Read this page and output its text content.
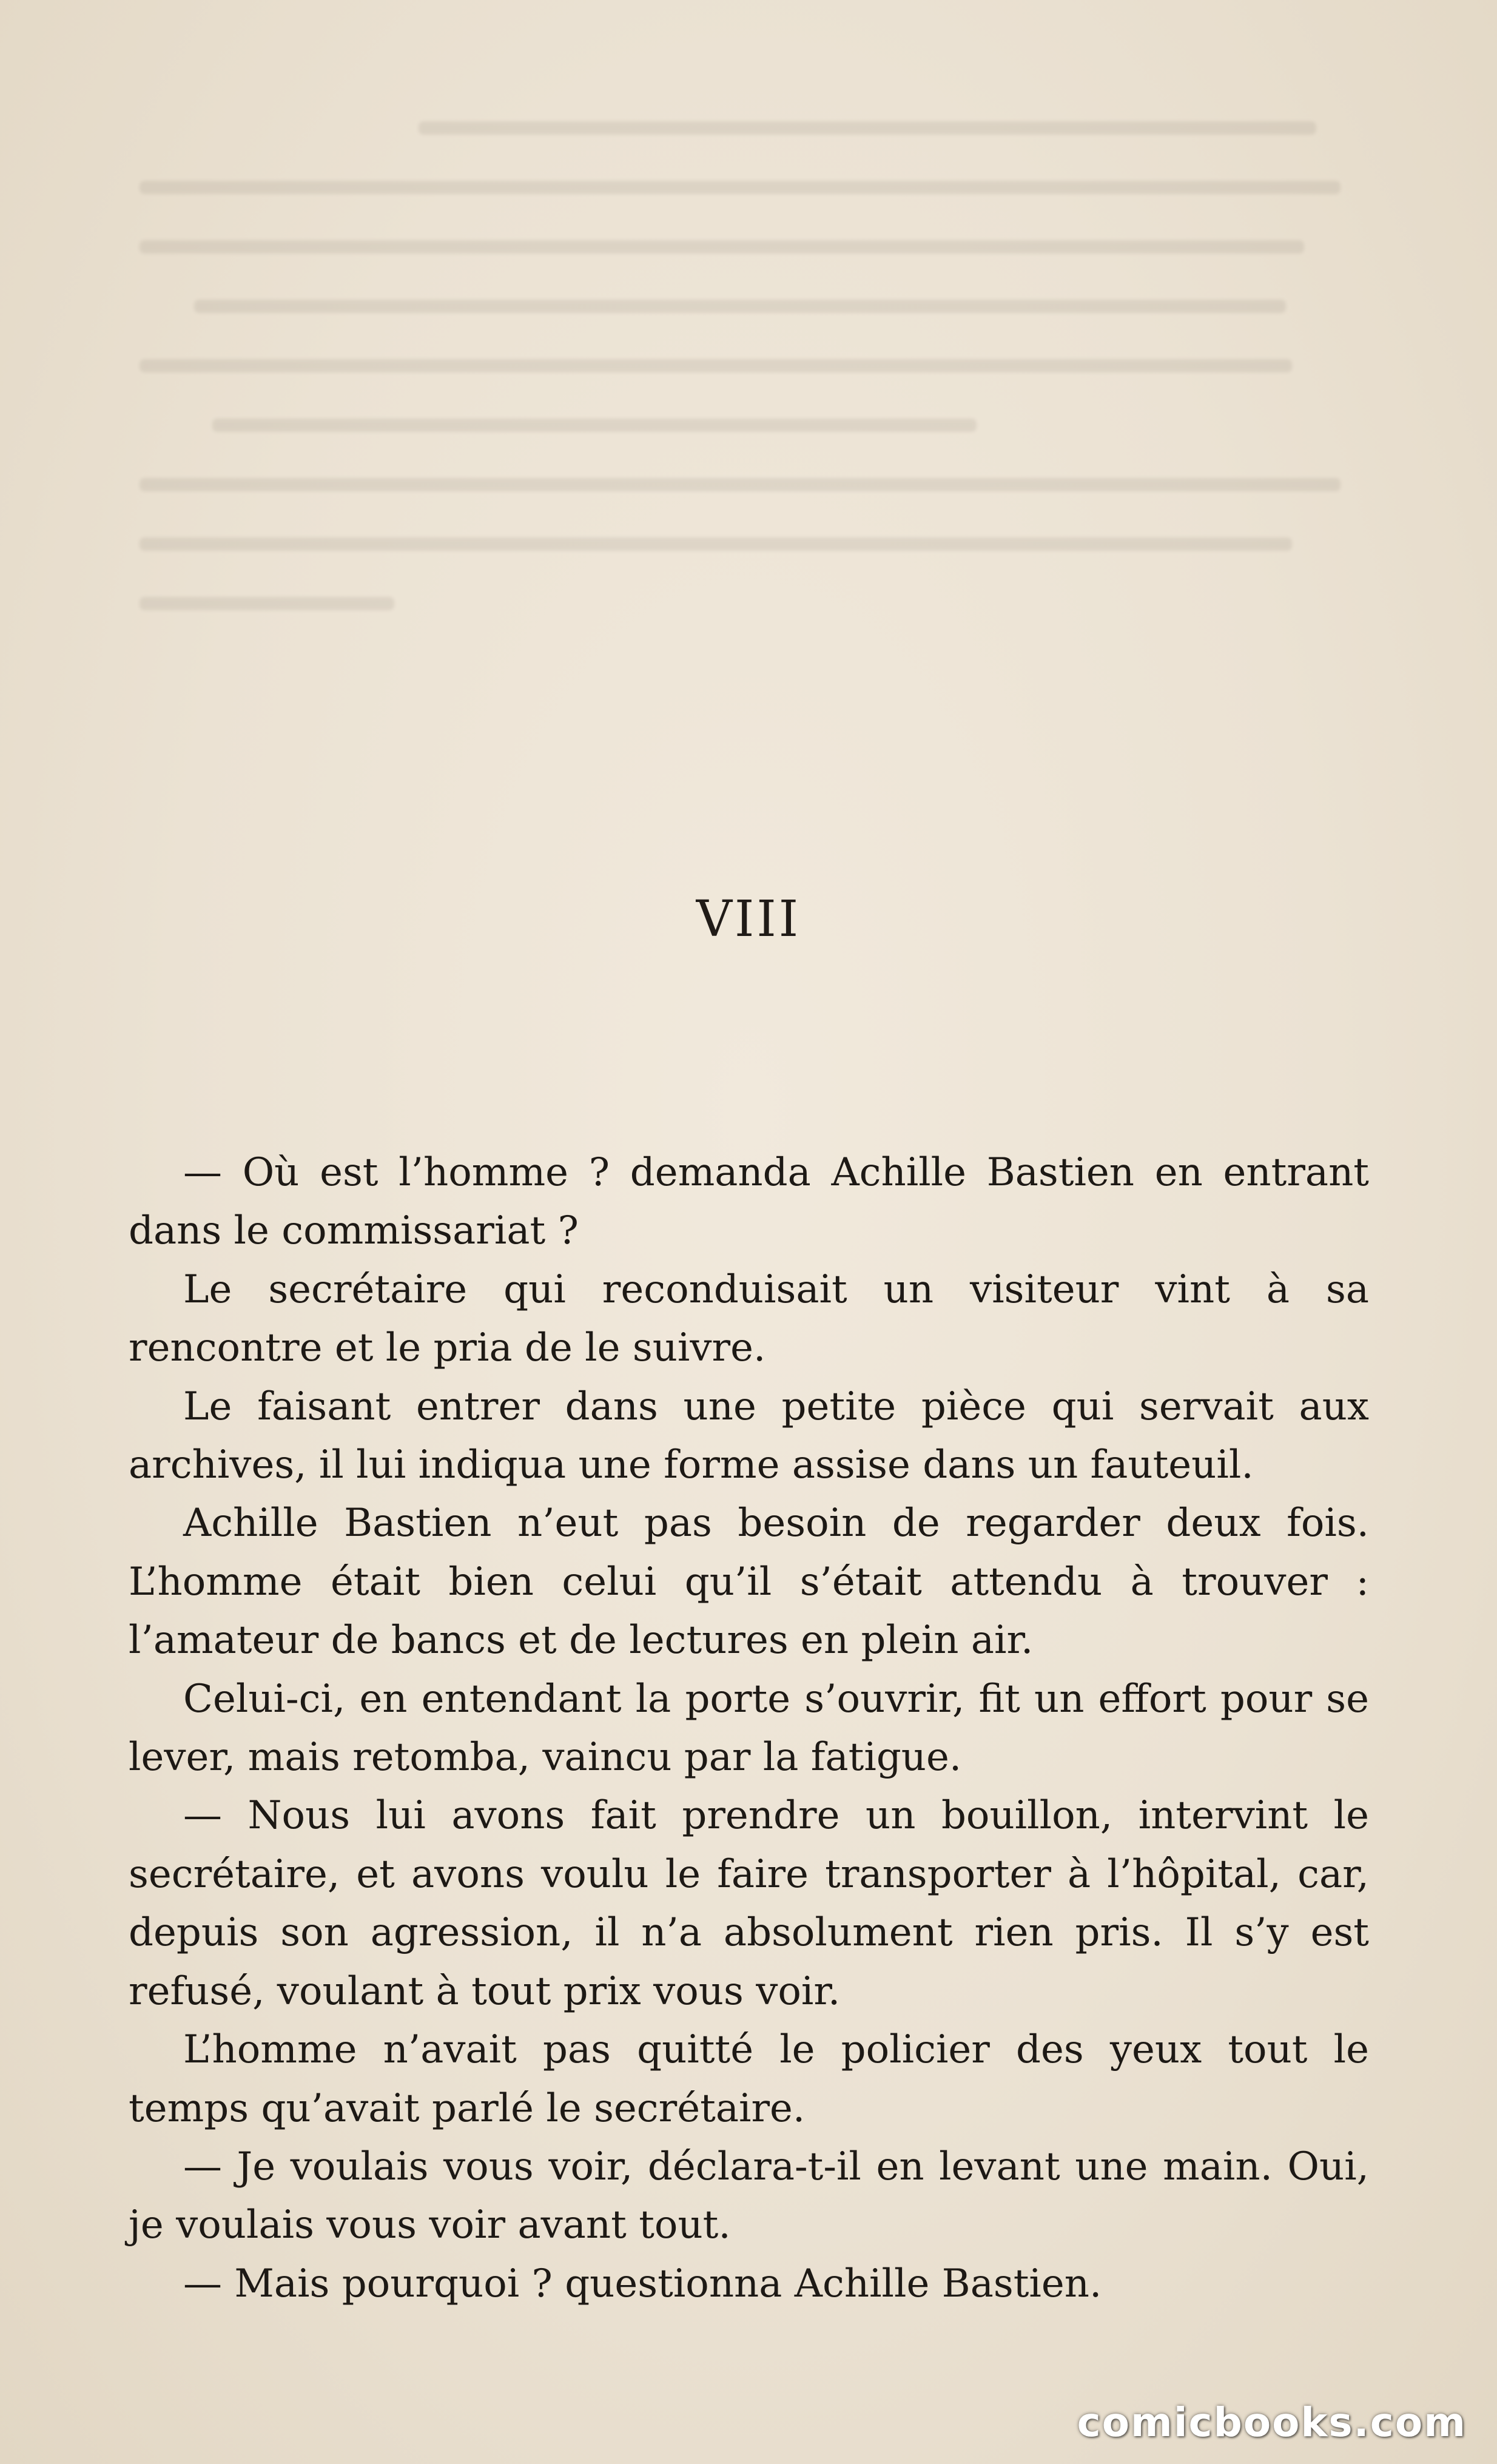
VIII

— Où est l’homme ? demanda Achille Bastien en entrant dans le commissariat ?

Le secrétaire qui reconduisait un visiteur vint à sa rencontre et le pria de le suivre.

Le faisant entrer dans une petite pièce qui servait aux archives, il lui indiqua une forme assise dans un fauteuil.

Achille Bastien n’eut pas besoin de regarder deux fois. L’homme était bien celui qu’il s’était attendu à trouver : l’amateur de bancs et de lectures en plein air.

Celui-ci, en entendant la porte s’ouvrir, fit un effort pour se lever, mais retomba, vaincu par la fatigue.

— Nous lui avons fait prendre un bouillon, intervint le secrétaire, et avons voulu le faire transporter à l’hôpital, car, depuis son agression, il n’a absolument rien pris. Il s’y est refusé, voulant à tout prix vous voir.

L’homme n’avait pas quitté le policier des yeux tout le temps qu’avait parlé le secrétaire.

— Je voulais vous voir, déclara-t-il en levant une main. Oui, je voulais vous voir avant tout.

— Mais pourquoi ? questionna Achille Bastien.

comicbooks.com
